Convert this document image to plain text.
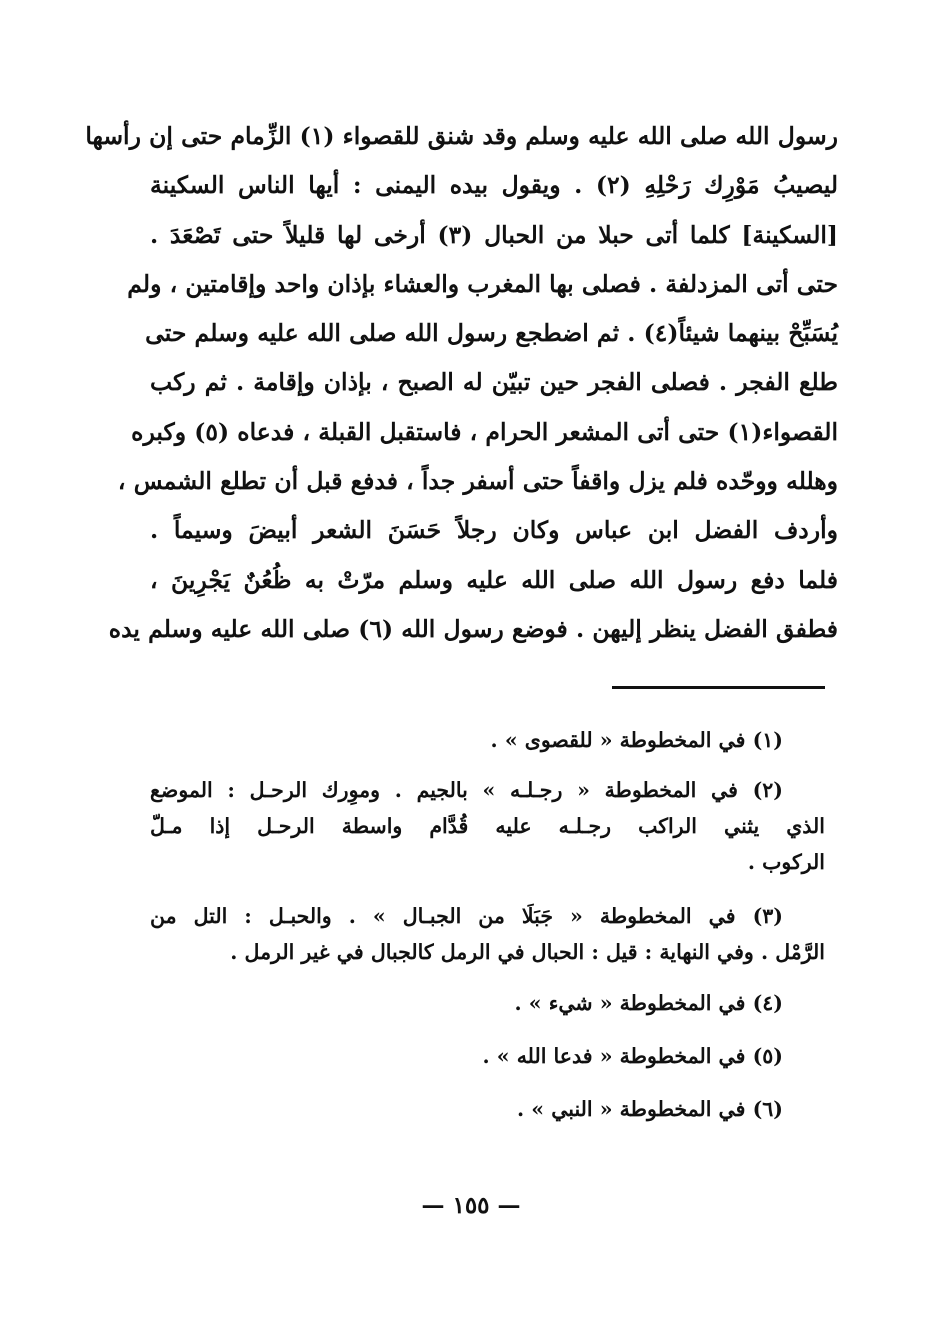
رسول الله صلى الله عليه وسلم وقد شنق للقصواء (١) الزِّمام حتى إن رأسها
ليصيبُ مَوْرِك رَحْلِهِ (٢) . ويقول بيده اليمنى : أيها الناس السكينة
[السكينة] كلما أتى حبلا من الحبال (٣) أرخى لها قليلاً حتى تَصْعَدَ .
حتى أتى المزدلفة . فصلى بها المغرب والعشاء بإذان واحد وإقامتين ، ولم
يُسَبِّحْ بينهما شيئاً(٤) . ثم اضطجع رسول الله صلى الله عليه وسلم حتى
طلع الفجر . فصلى الفجر حين تبيّن له الصبح ، بإذان وإقامة . ثم ركب
القصواء(١) حتى أتى المشعر الحرام ، فاستقبل القبلة ، فدعاه (٥) وكبره
وهلله ووحّده فلم يزل واقفاً حتى أسفر جداً ، فدفع قبل أن تطلع الشمس ،
وأردف الفضل ابن عباس وكان رجلاً حَسَنَ الشعر أبيضَ وسيماً .
فلما دفع رسول الله صلى الله عليه وسلم مرّتْ به ظُعُنٌ يَجْرِينَ ،
فطفق الفضل ينظر إليهن . فوضع رسول الله (٦) صلى الله عليه وسلم يده
(١) في المخطوطة « للقصوى » .
(٢) في المخطوطة « رجـلـه » بالجيم . وموِرك الرحـل : الموضع
الذي يثني الراكب رجـلـه عليه قُدَّام واسطة الرحـل إذا مـلّ
الركوب .
(٣) في المخطوطة « جَبَلَا من الجبـال » . والحبـل : التل من
الرَّمْل . وفي النهاية : قيل : الحبال في الرمل كالجبال في غير الرمل .
(٤) في المخطوطة « شيء » .
(٥) في المخطوطة « فدعا الله » .
(٦) في المخطوطة « النبي » .
— ١٥٥ —
